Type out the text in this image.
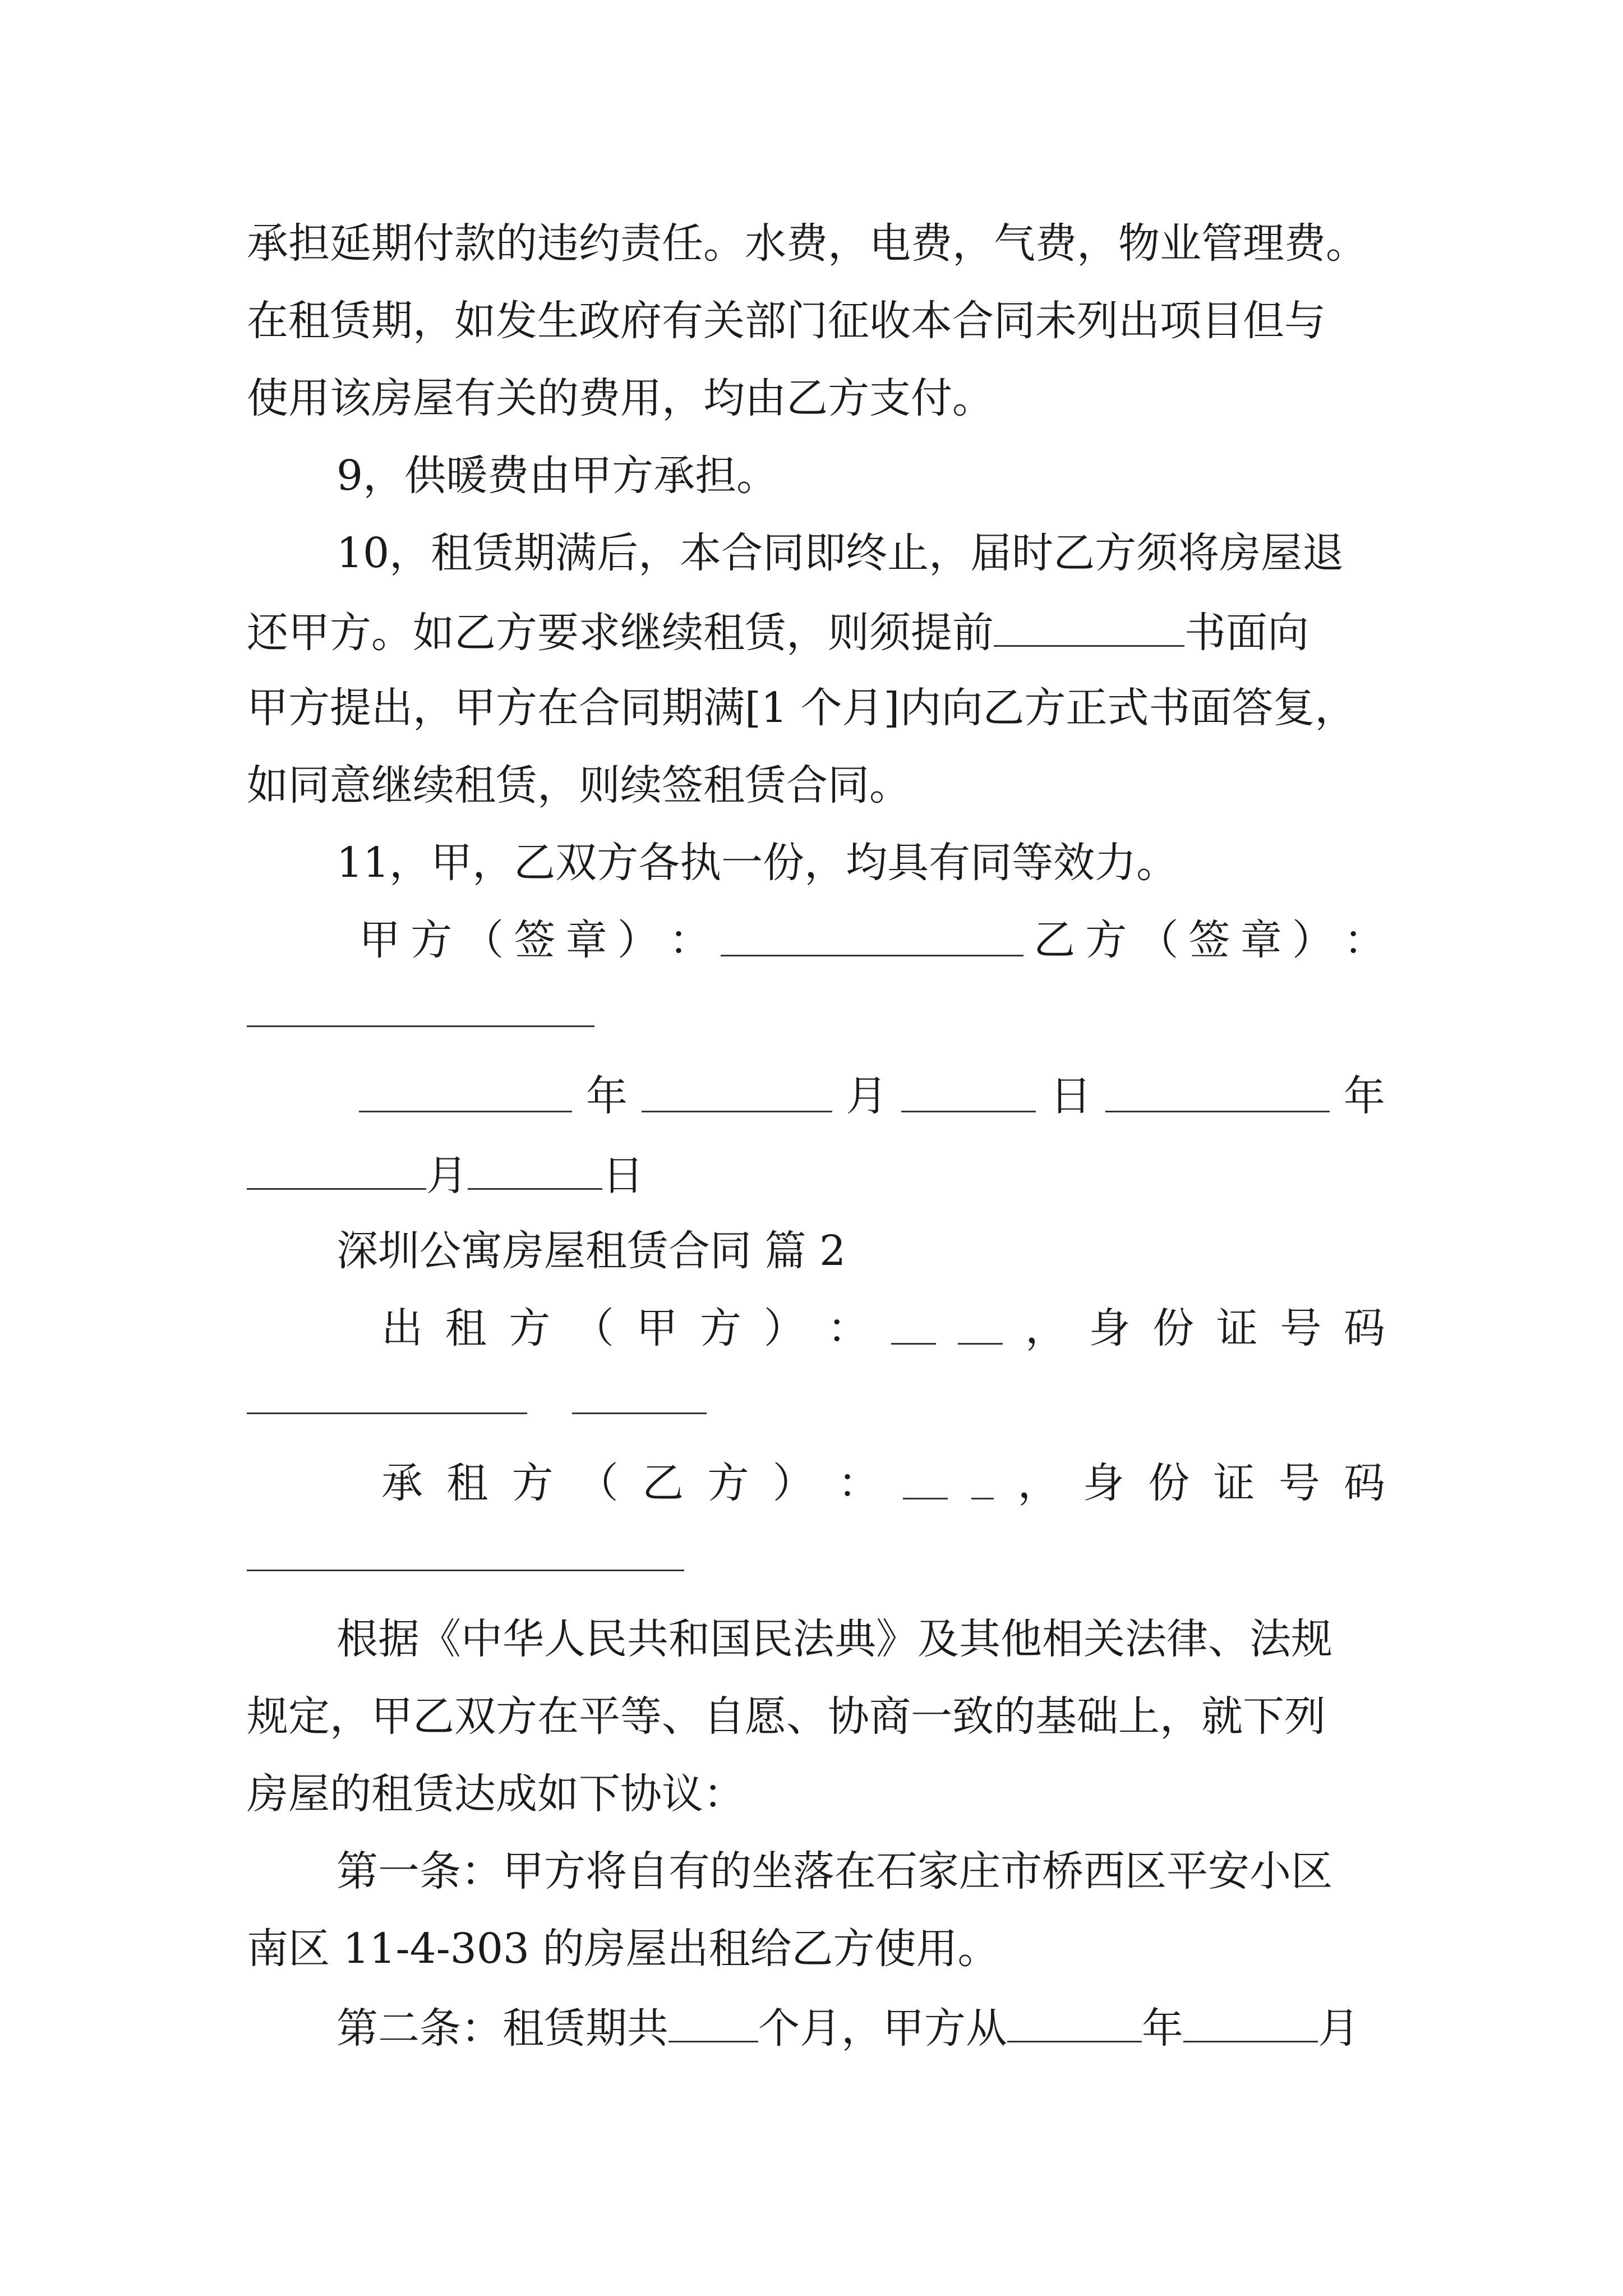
承担延期付款的违约责任。水费，电费，气费，物业管理费。
在租赁期，如发生政府有关部门征收本合同未列出项目但与
使用该房屋有关的费用，均由乙方支付。
9，供暖费由甲方承担。
10，租赁期满后，本合同即终止，届时乙方须将房屋退
还甲方。如乙方要求继续租赁，则须提前	书面向
甲方提出，甲方在合同期满[1 个月]内向乙方正式书面答复，
如同意继续租赁，则续签租赁合同。
11，甲，乙双方各执一份，均具有同等效力。
甲 方 （ 签 章 ） ：	乙 方 （ 签 章 ） ：
年	月	日	年
月	日
深圳公寓房屋租赁合同 篇 2
出 租 方 （ 甲 方 ） ：	， 身 份 证 号 码
承 租 方 （ 乙 方 ） ：	， 身 份 证 号 码
根据《中华人民共和国民法典》及其他相关法律、法规
规定，甲乙双方在平等、自愿、协商一致的基础上，就下列
房屋的租赁达成如下协议：
第一条：甲方将自有的坐落在石家庄市桥西区平安小区
南区 11-4-303 的房屋出租给乙方使用。
第二条：租赁期共 个月，甲方从	年	月
